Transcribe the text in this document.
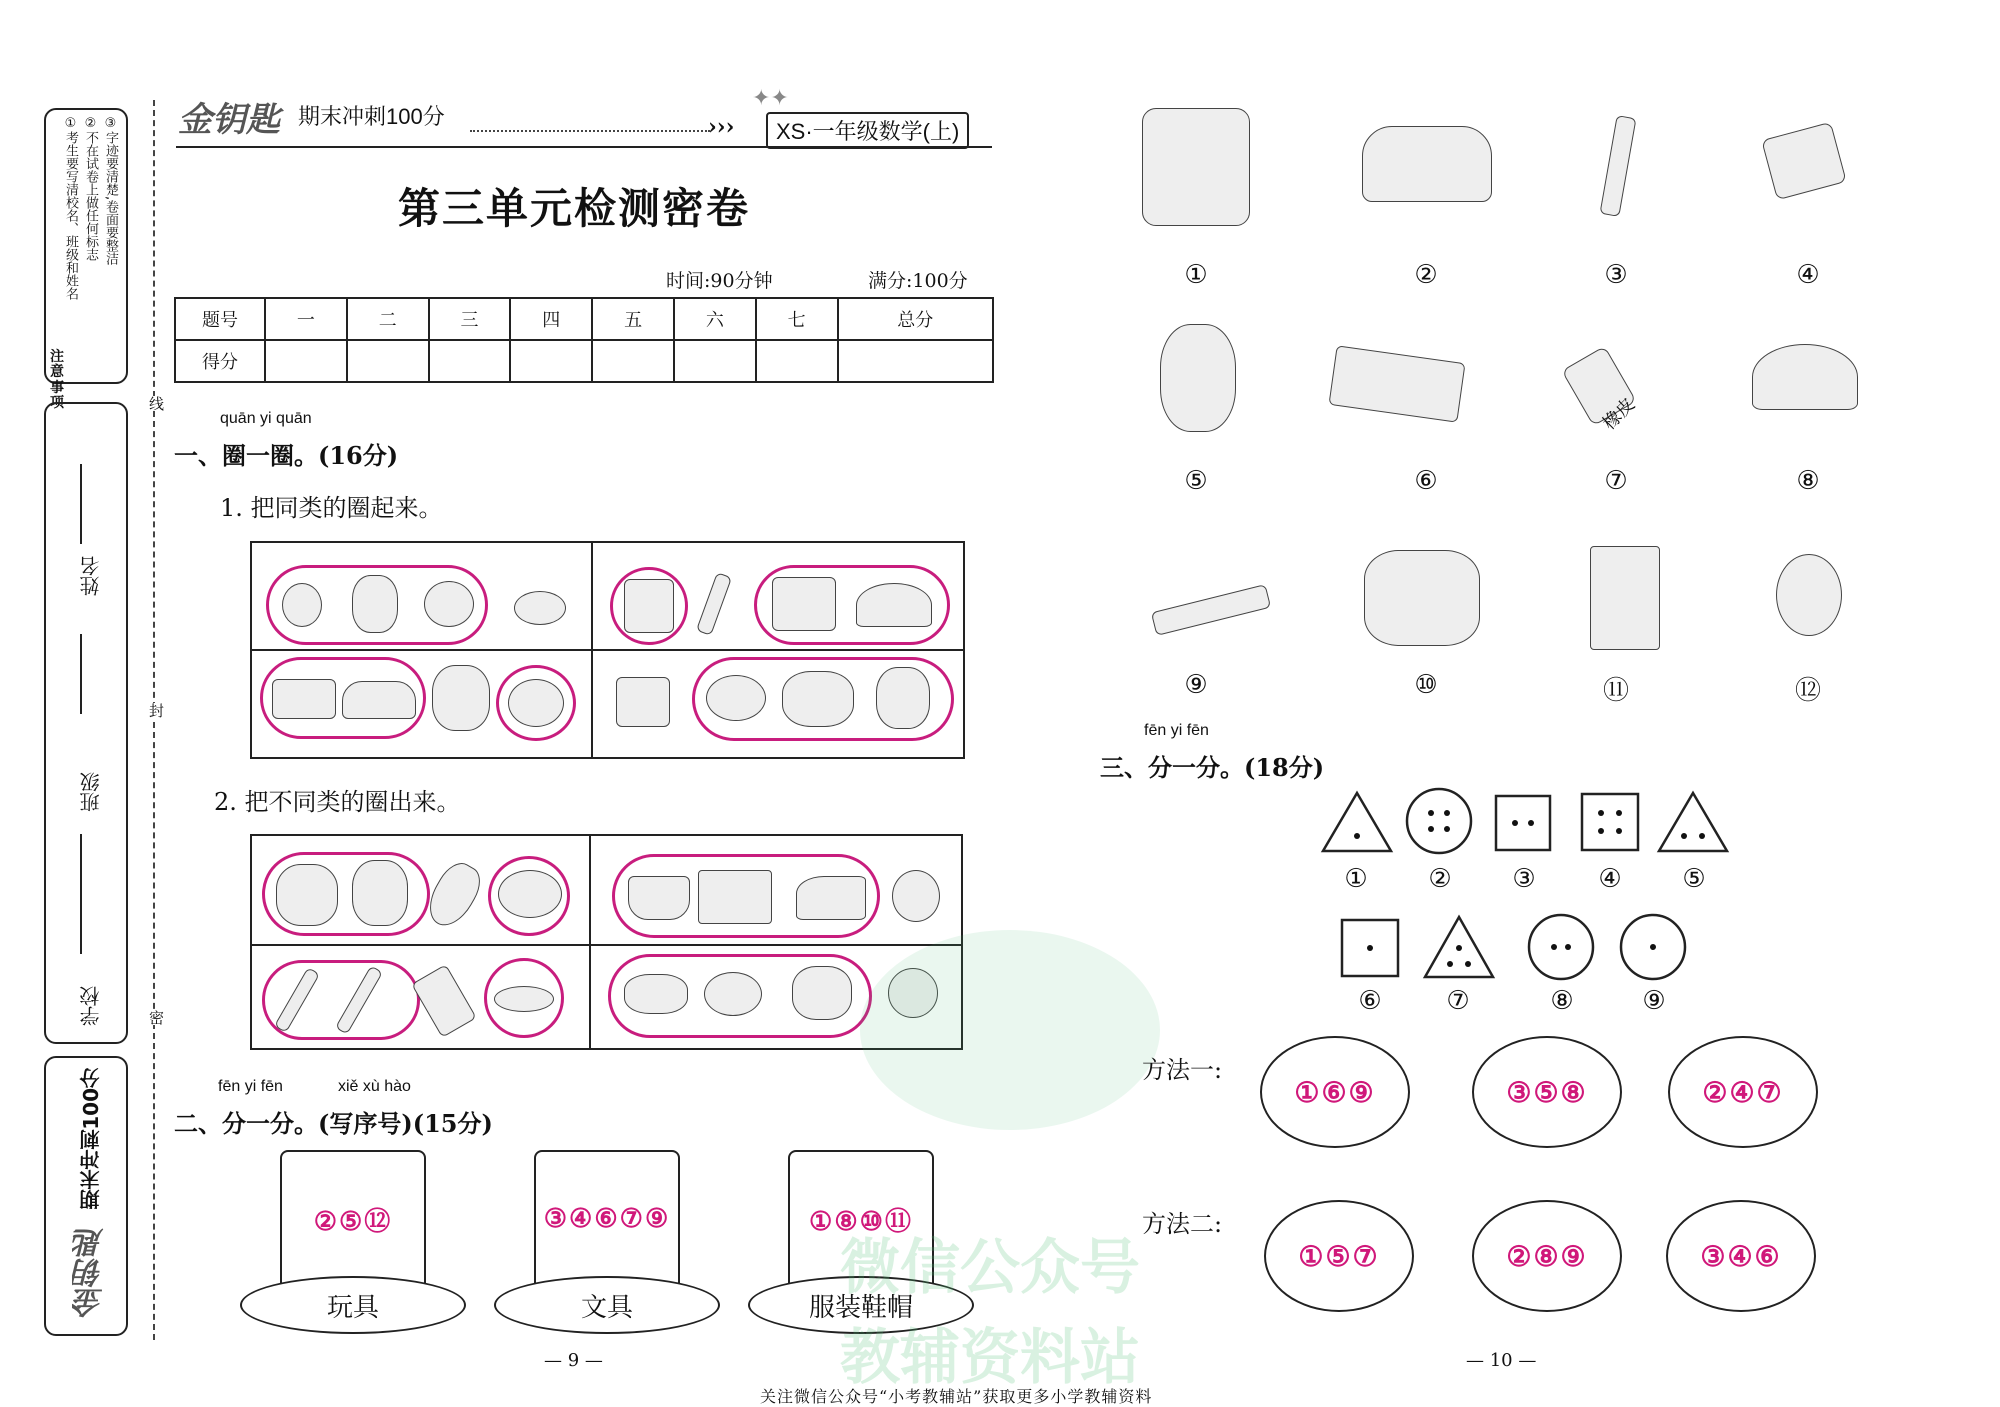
注意事项
①考生要写清校名、班级和姓名 ②不在试卷上做任何标志 ③字迹要清楚,卷面要整洁
姓名
班级
学校
期末冲刺100分
金钥匙
线
封
密
金钥匙 期末冲刺100分	›››
✦✦
XS·一年级数学(上)
第三单元检测密卷
时间:90分钟	满分:100分
题号	一	二	三	四	五	六	七	总分
得分								
quān yi quān
一、圈一圈。(16分)
1. 把同类的圈起来。
2. 把不同类的圈出来。
fēn yi fēn	xiě xù hào
二、分一分。(写序号)(15分)
②⑤⑫
玩具
③④⑥⑦⑨
文具
①⑧⑩⑪
服装鞋帽
— 9 —
①	②	③	④
橡皮
⑤	⑥	⑦	⑧
⑨	⑩	⑪	⑫
fēn yi fēn
三、分一分。(18分)
①	②	③	④	⑤
⑥	⑦	⑧	⑨
微信公众号
教辅资料站
方法一:
①⑥⑨	③⑤⑧	②④⑦
方法二:
①⑤⑦	②⑧⑨	③④⑥
— 10 —
关注微信公众号“小考教辅站”获取更多小学教辅资料
